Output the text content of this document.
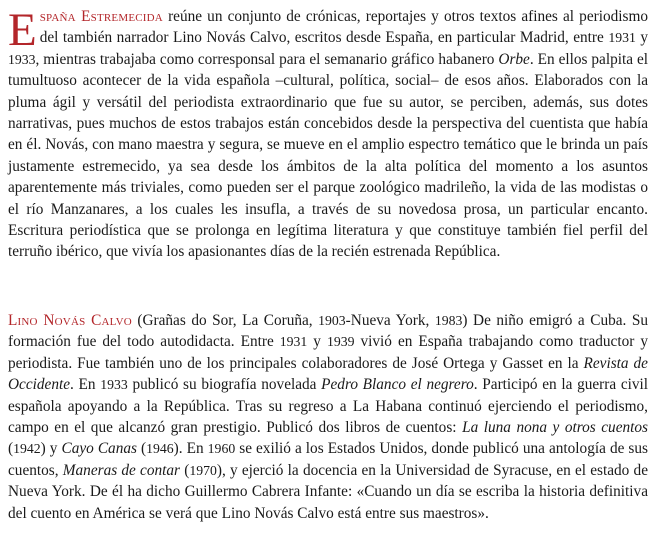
España Estremecida reúne un conjunto de crónicas, reportajes y otros textos afines al periodismo del también narrador Lino Novás Calvo, escritos desde España, en particular Madrid, entre 1931 y 1933, mientras trabajaba como corresponsal para el semanario gráfico habanero Orbe. En ellos palpita el tumultuoso acontecer de la vida española –cultural, política, social– de esos años. Elaborados con la pluma ágil y versátil del periodista extraordinario que fue su autor, se perciben, además, sus dotes narrativas, pues muchos de estos trabajos están concebidos desde la perspectiva del cuentista que había en él. Novás, con mano maestra y segura, se mueve en el amplio espectro temático que le brinda un país justamente estremecido, ya sea desde los ámbitos de la alta política del momento a los asuntos aparentemente más triviales, como pueden ser el parque zoológico madrileño, la vida de las modistas o el río Manzanares, a los cuales les insufla, a través de su novedosa prosa, un particular encanto. Escritura periodística que se prolonga en legítima literatura y que constituye también fiel perfil del terruño ibérico, que vivía los apasionantes días de la recién estrenada República.

Lino Novás Calvo (Grañas do Sor, La Coruña, 1903-Nueva York, 1983) De niño emigró a Cuba. Su formación fue del todo autodidacta. Entre 1931 y 1939 vivió en España trabajando como traductor y periodista. Fue también uno de los principales colaboradores de José Ortega y Gasset en la Revista de Occidente. En 1933 publicó su biografía novelada Pedro Blanco el negrero. Participó en la guerra civil española apoyando a la República. Tras su regreso a La Habana continuó ejerciendo el periodismo, campo en el que alcanzó gran prestigio. Publicó dos libros de cuentos: La luna nona y otros cuentos (1942) y Cayo Canas (1946). En 1960 se exilió a los Estados Unidos, donde publicó una antología de sus cuentos, Maneras de contar (1970), y ejerció la docencia en la Universidad de Syracuse, en el estado de Nueva York. De él ha dicho Guillermo Cabrera Infante: «Cuando un día se escriba la historia definitiva del cuento en América se verá que Lino Novás Calvo está entre sus maestros».
